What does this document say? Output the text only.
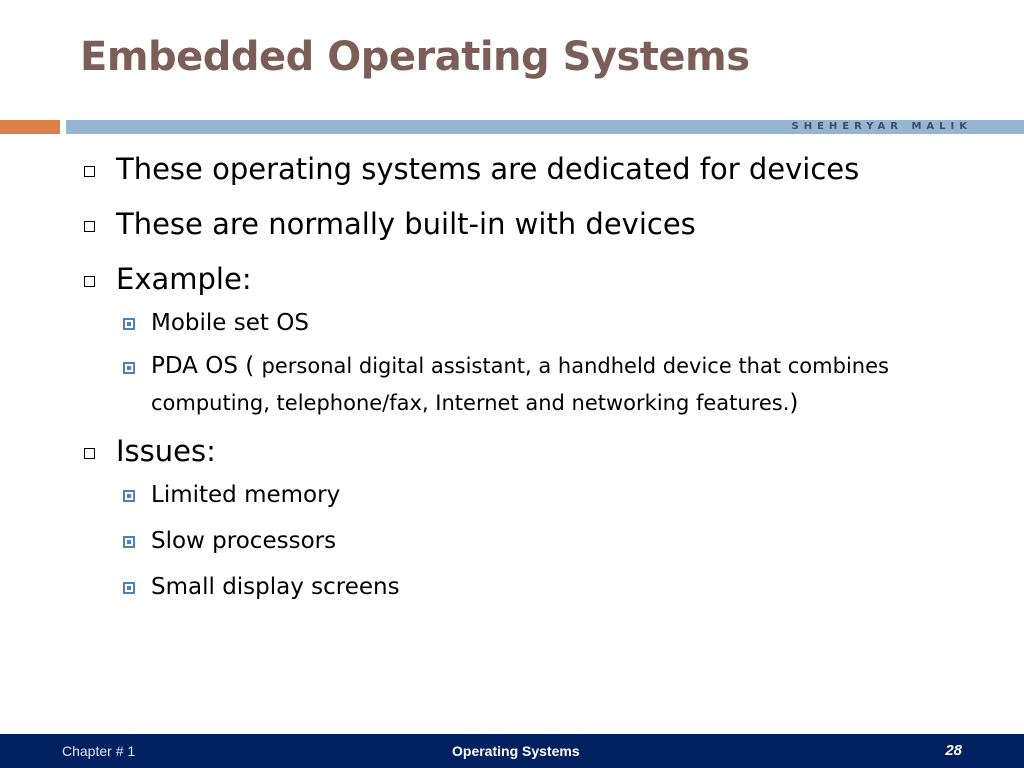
Embedded Operating Systems
SHEHERYAR MALIK
These operating systems are dedicated for devices
These are normally built-in with devices
Example:
Mobile set OS
PDA OS ( personal digital assistant, a handheld device that combines computing, telephone/fax, Internet and networking features.)
Issues:
Limited memory
Slow processors
Small display screens
Chapter # 1	Operating Systems	28
